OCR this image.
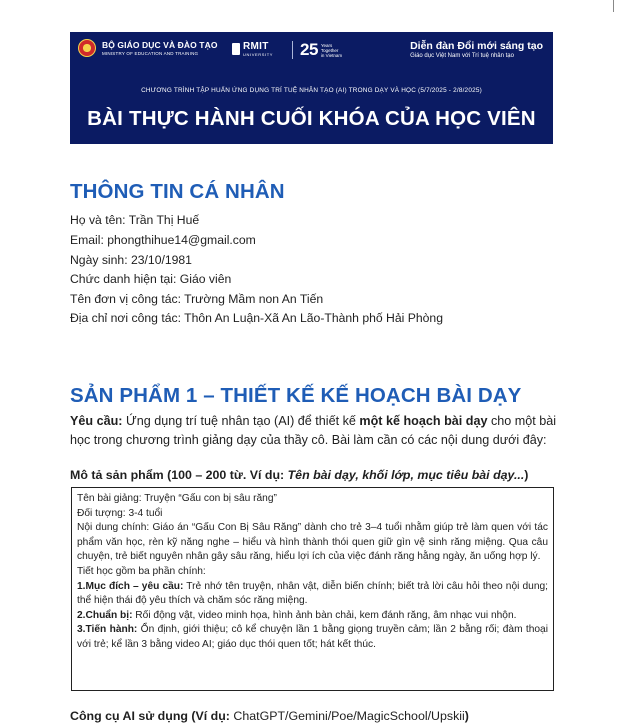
BỘ GIÁO DỤC VÀ ĐÀO TẠO
MINISTRY OF EDUCATION AND TRAINING
RMIT
UNIVERSITY 25 Years
Together
in Vietnam
Diễn đàn Đổi mới sáng tạo
Giáo dục Việt Nam với Trí tuệ nhân tạo
CHƯƠNG TRÌNH TẬP HUẤN ỨNG DỤNG TRÍ TUỆ NHÂN TẠO (AI) TRONG DẠY VÀ HỌC (5/7/2025 - 2/8/2025)
BÀI THỰC HÀNH CUỐI KHÓA CỦA HỌC VIÊN
THÔNG TIN CÁ NHÂN
Họ và tên: Trần Thị Huế
Email: phongthihue14@gmail.com
Ngày sinh: 23/10/1981
Chức danh hiện tại: Giáo viên
Tên đơn vị công tác: Trường Mầm non An Tiến
Địa chỉ nơi công tác: Thôn An Luận-Xã An Lão-Thành phố Hải Phòng
SẢN PHẨM 1 – THIẾT KẾ KẾ HOẠCH BÀI DẠY
Yêu cầu: Ứng dụng trí tuệ nhân tạo (AI) để thiết kế một kế hoạch bài dạy cho một bài học trong chương trình giảng dạy của thầy cô. Bài làm cần có các nội dung dưới đây:
Mô tả sản phẩm (100 – 200 từ. Ví dụ: Tên bài dạy, khối lớp, mục tiêu bài dạy...)

Tên bài giảng: Truyện “Gấu con bị sâu răng”

Đối tượng: 3-4 tuổi

Nội dung chính: Giáo án “Gấu Con Bị Sâu Răng” dành cho trẻ 3–4 tuổi nhằm giúp trẻ làm quen với tác phẩm văn học, rèn kỹ năng nghe – hiểu và hình thành thói quen giữ gìn vệ sinh răng miệng. Qua câu chuyện, trẻ biết nguyên nhân gây sâu răng, hiểu lợi ích của việc đánh răng hằng ngày, ăn uống hợp lý.

Tiết học gồm ba phần chính:

1.Mục đích – yêu cầu: Trẻ nhớ tên truyện, nhân vật, diễn biến chính; biết trả lời câu hỏi theo nội dung; thể hiện thái độ yêu thích và chăm sóc răng miệng.

2.Chuẩn bị: Rối động vật, video minh họa, hình ảnh bàn chải, kem đánh răng, âm nhạc vui nhộn.

3.Tiến hành: Ổn định, giới thiệu; cô kể chuyện lần 1 bằng giọng truyền cảm; lần 2 bằng rối; đàm thoại với trẻ; kể lần 3 bằng video AI; giáo dục thói quen tốt; hát kết thúc.

Công cụ AI sử dụng (Ví dụ: ChatGPT/Gemini/Poe/MagicSchool/Upskii)
